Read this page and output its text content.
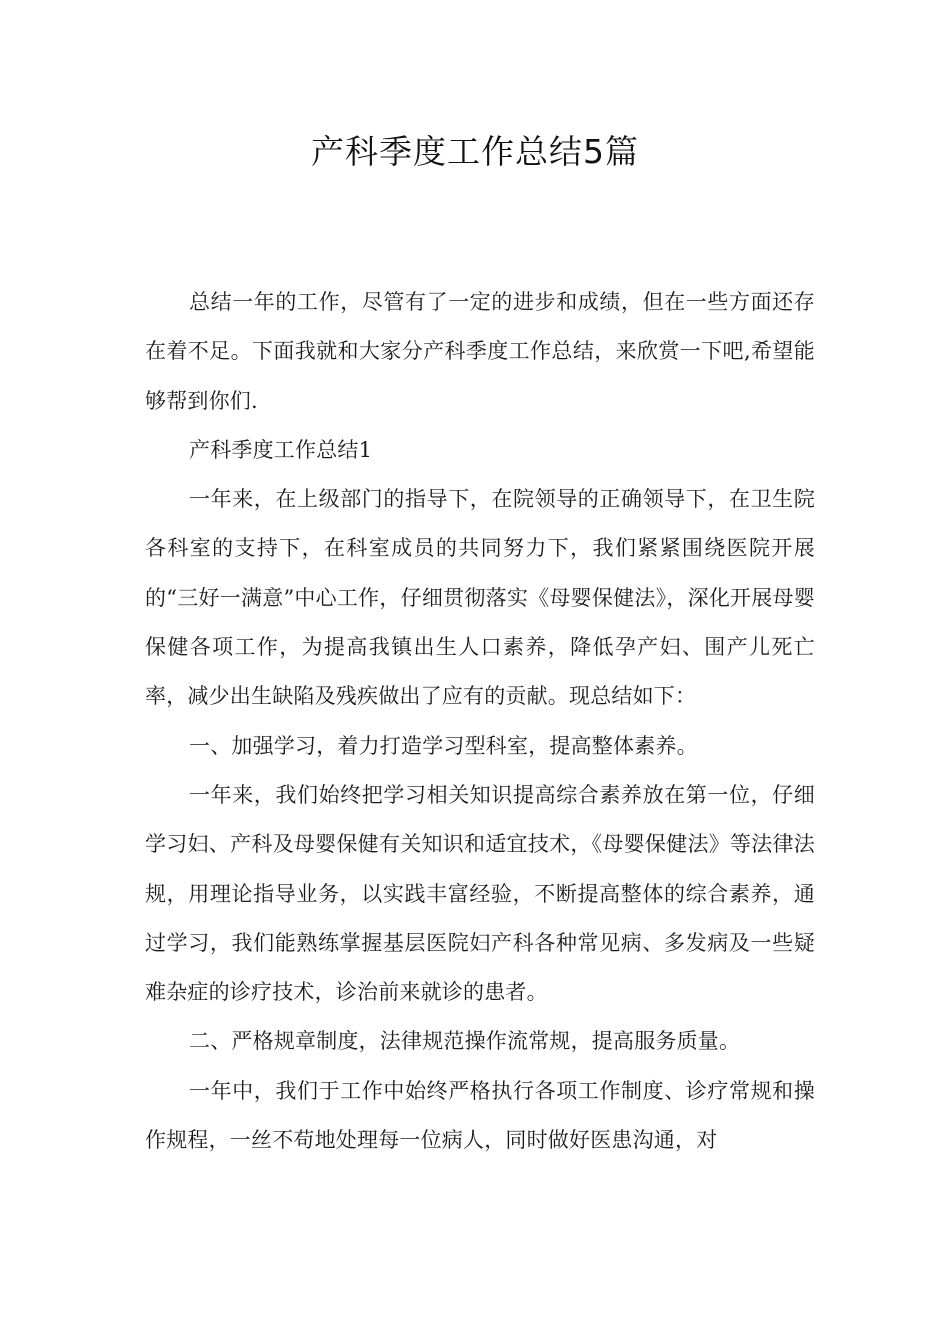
产科季度工作总结5篇

总结一年的工作，尽管有了一定的进步和成绩，但在一些方面还存在着不足。下面我就和大家分产科季度工作总结，来欣赏一下吧,希望能够帮到你们.

产科季度工作总结1

一年来，在上级部门的指导下，在院领导的正确领导下，在卫生院各科室的支持下，在科室成员的共同努力下，我们紧紧围绕医院开展的“三好一满意”中心工作，仔细贯彻落实《母婴保健法》，深化开展母婴保健各项工作，为提高我镇出生人口素养，降低孕产妇、围产儿死亡率，减少出生缺陷及残疾做出了应有的贡献。现总结如下：

一、加强学习，着力打造学习型科室，提高整体素养。

一年来，我们始终把学习相关知识提高综合素养放在第一位，仔细学习妇、产科及母婴保健有关知识和适宜技术，《母婴保健法》等法律法规，用理论指导业务，以实践丰富经验，不断提高整体的综合素养，通过学习，我们能熟练掌握基层医院妇产科各种常见病、多发病及一些疑难杂症的诊疗技术，诊治前来就诊的患者。

二、严格规章制度，法律规范操作流常规，提高服务质量。

一年中，我们于工作中始终严格执行各项工作制度、诊疗常规和操作规程，一丝不苟地处理每一位病人，同时做好医患沟通，对
